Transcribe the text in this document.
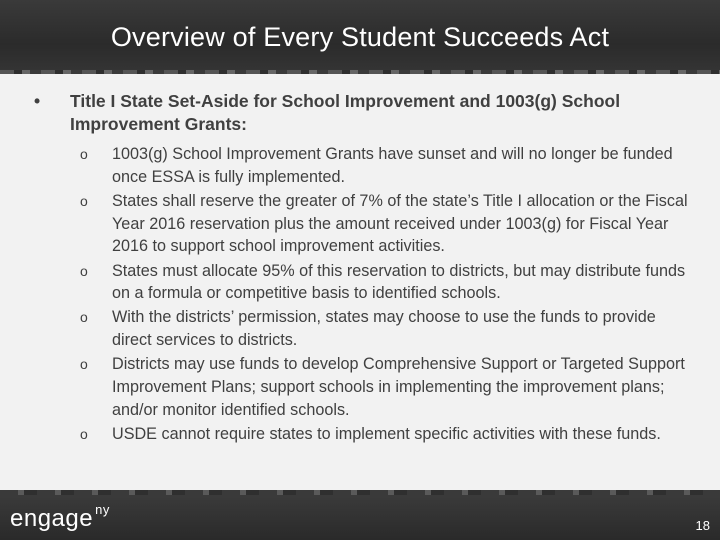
Overview of Every Student Succeeds Act
•	Title I State Set-Aside for School Improvement and 1003(g) School Improvement Grants:
o	1003(g) School Improvement Grants have sunset and will no longer be funded once ESSA is fully implemented.
o	States shall reserve the greater of 7% of the state’s Title I allocation or the Fiscal Year 2016 reservation plus the amount received under 1003(g) for Fiscal Year 2016 to support school improvement activities.
o	States must allocate 95% of this reservation to districts, but may distribute funds on a formula or competitive basis to identified schools.
o	With the districts’ permission, states may choose to use the funds to provide direct services to districts.
o	Districts may use funds to develop Comprehensive Support or Targeted Support Improvement Plans; support schools in implementing the improvement plans; and/or monitor identified schools.
o	USDE cannot require states to implement specific activities with these funds.
engage $^{ny}$
18
